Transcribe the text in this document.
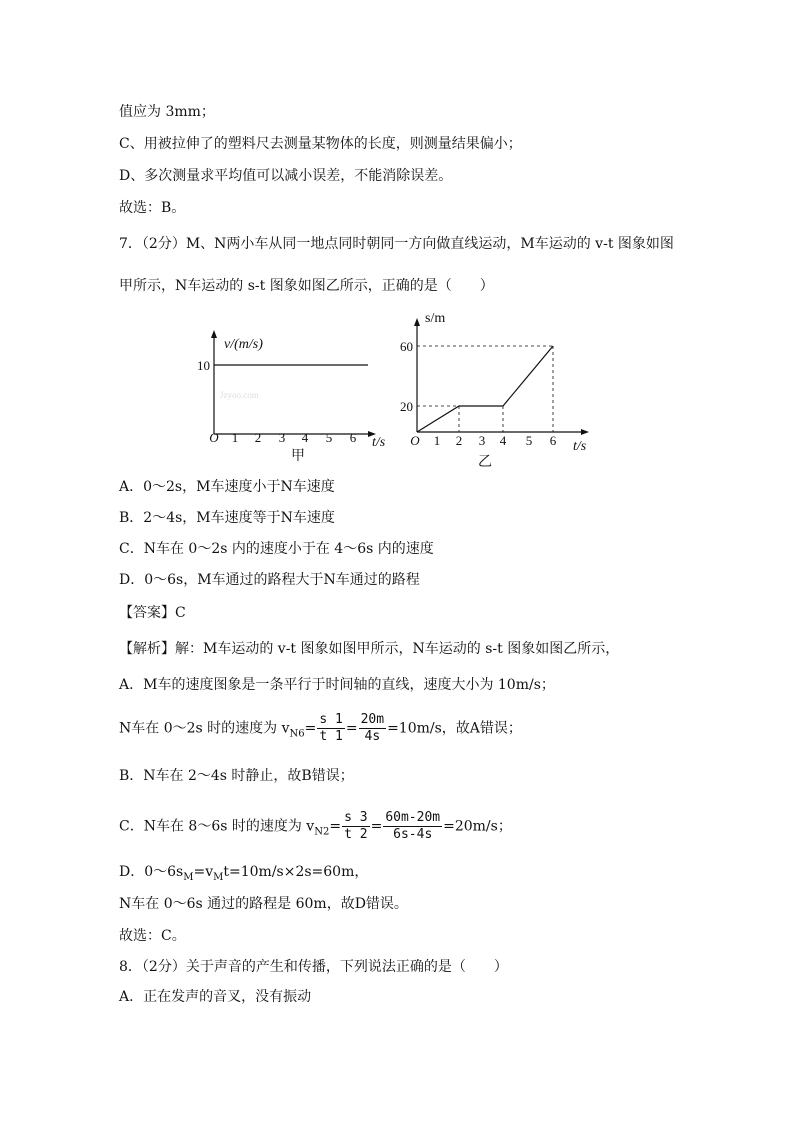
值应为 3mm；
C、用被拉伸了的塑料尺去测量某物体的长度，则测量结果偏小；
D、多次测量求平均值可以减小误差，不能消除误差。
故选：B。
7．（2分）M、N两小车从同一地点同时朝同一方向做直线运动，M车运动的 v-t 图象如图
甲所示，N车运动的 s-t 图象如图乙所示，正确的是（　　）
v/(m/s)
10
O 1 2 3 4 5 6 t/s
甲
Jzyoo.com
s/m
20
60
O 1 2 3 4 5 6 t/s
乙
A．0～2s，M车速度小于N车速度
B．2～4s，M车速度等于N车速度
C．N车在 0～2s 内的速度小于在 4～6s 内的速度
D．0～6s，M车通过的路程大于N车通过的路程
【答案】C
【解析】解：M车运动的 v-t 图象如图甲所示，N车运动的 s-t 图象如图乙所示，
A．M车的速度图象是一条平行于时间轴的直线，速度大小为 10m/s；
N车在 0～2s 时的速度为 $v_{N6}= \frac{s 1}{t 1} = \frac{20m}{4s} =10m/s$，故A错误；
B．N车在 2～4s 时静止，故B错误；
C．N车在 8～6s 时的速度为 $v_{N2}= \frac{s 3}{t 2} = \frac{60m-20m}{6s-4s} =20m/s$；
D．$0\sim 6s_M=v_Mt=10m/s\times 2s=60m$，
N车在 0～6s 通过的路程是 60m，故D错误。
故选：C。
8．（2分）关于声音的产生和传播，下列说法正确的是（　　）
A．正在发声的音叉，没有振动
